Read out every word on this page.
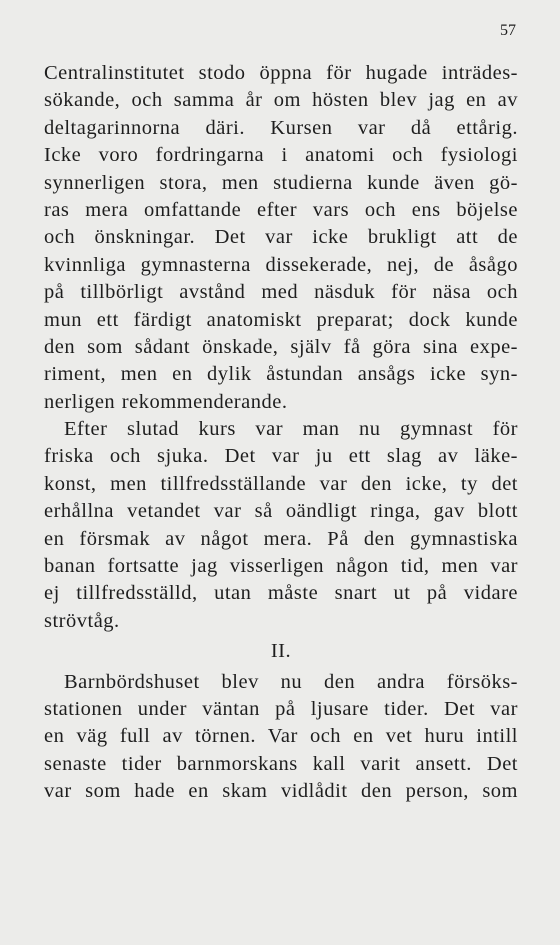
57
Centralinstitutet stodo öppna för hugade inträdes-
sökande, och samma år om hösten blev jag en av
deltagarinnorna däri. Kursen var då ettårig.
Icke voro fordringarna i anatomi och fysiologi
synnerligen stora, men studierna kunde även gö-
ras mera omfattande efter vars och ens böjelse
och önskningar. Det var icke brukligt att de
kvinnliga gymnasterna dissekerade, nej, de åsågo
på tillbörligt avstånd med näsduk för näsa och
mun ett färdigt anatomiskt preparat; dock kunde
den som sådant önskade, själv få göra sina expe-
riment, men en dylik åstundan ansågs icke syn-
nerligen rekommenderande.
Efter slutad kurs var man nu gymnast för
friska och sjuka. Det var ju ett slag av läke-
konst, men tillfredsställande var den icke, ty det
erhållna vetandet var så oändligt ringa, gav blott
en försmak av något mera. På den gymnastiska
banan fortsatte jag visserligen någon tid, men var
ej tillfredsställd, utan måste snart ut på vidare
strövtåg.
II.
Barnbördshuset blev nu den andra försöks-
stationen under väntan på ljusare tider. Det var
en väg full av törnen. Var och en vet huru intill
senaste tider barnmorskans kall varit ansett. Det
var som hade en skam vidlådit den person, som
